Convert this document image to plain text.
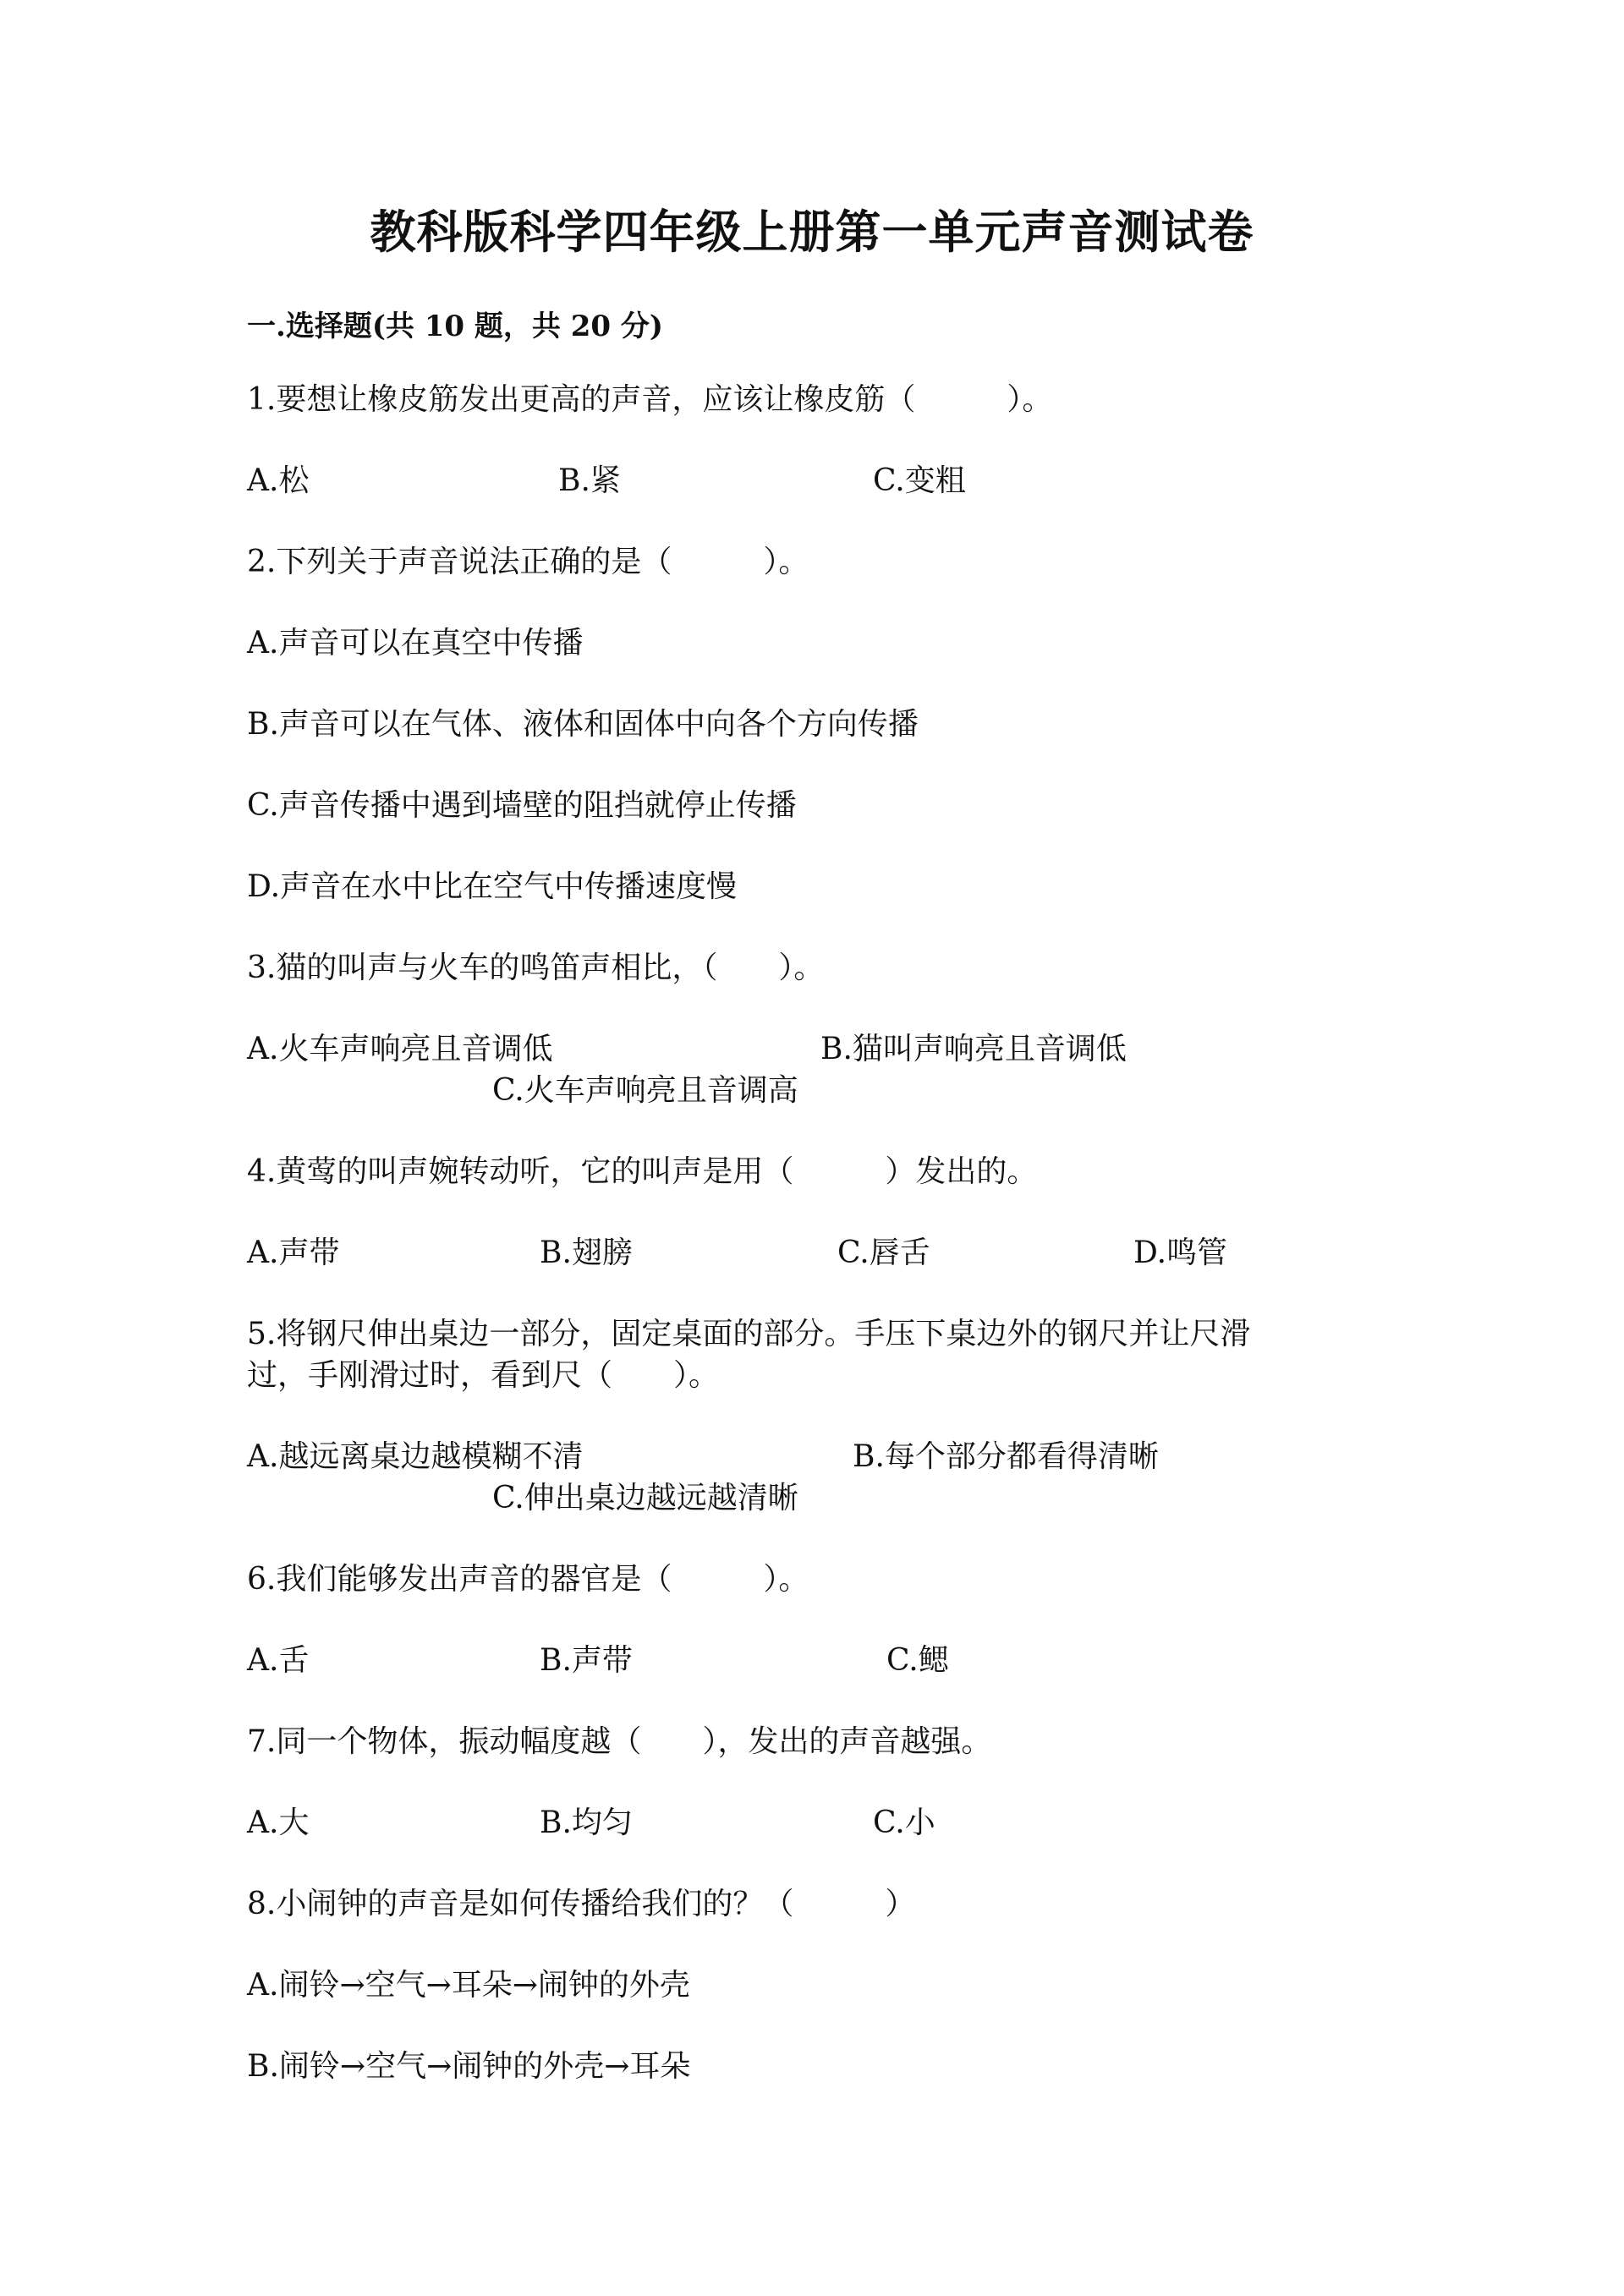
教科版科学四年级上册第一单元声音测试卷
一.选择题(共 10 题，共 20 分)
1.要想让橡皮筋发出更高的声音，应该让橡皮筋（　　　）。
A.松	B.紧	C.变粗
2.下列关于声音说法正确的是（　　　）。
A.声音可以在真空中传播
B.声音可以在气体、液体和固体中向各个方向传播
C.声音传播中遇到墙壁的阻挡就停止传播
D.声音在水中比在空气中传播速度慢
3.猫的叫声与火车的鸣笛声相比，（　　）。
A.火车声响亮且音调低	B.猫叫声响亮且音调低
C.火车声响亮且音调高
4.黄莺的叫声婉转动听，它的叫声是用（　　　）发出的。
A.声带	B.翅膀	C.唇舌	D.鸣管
5.将钢尺伸出桌边一部分，固定桌面的部分。手压下桌边外的钢尺并让尺滑
过，手刚滑过时，看到尺（　　）。
A.越远离桌边越模糊不清	B.每个部分都看得清晰
C.伸出桌边越远越清晰
6.我们能够发出声音的器官是（　　　）。
A.舌	B.声带	C.鳃
7.同一个物体，振动幅度越（　　），发出的声音越强。
A.大	B.均匀	C.小
8.小闹钟的声音是如何传播给我们的？（　　　）
A.闹铃→空气→耳朵→闹钟的外壳
B.闹铃→空气→闹钟的外壳→耳朵
